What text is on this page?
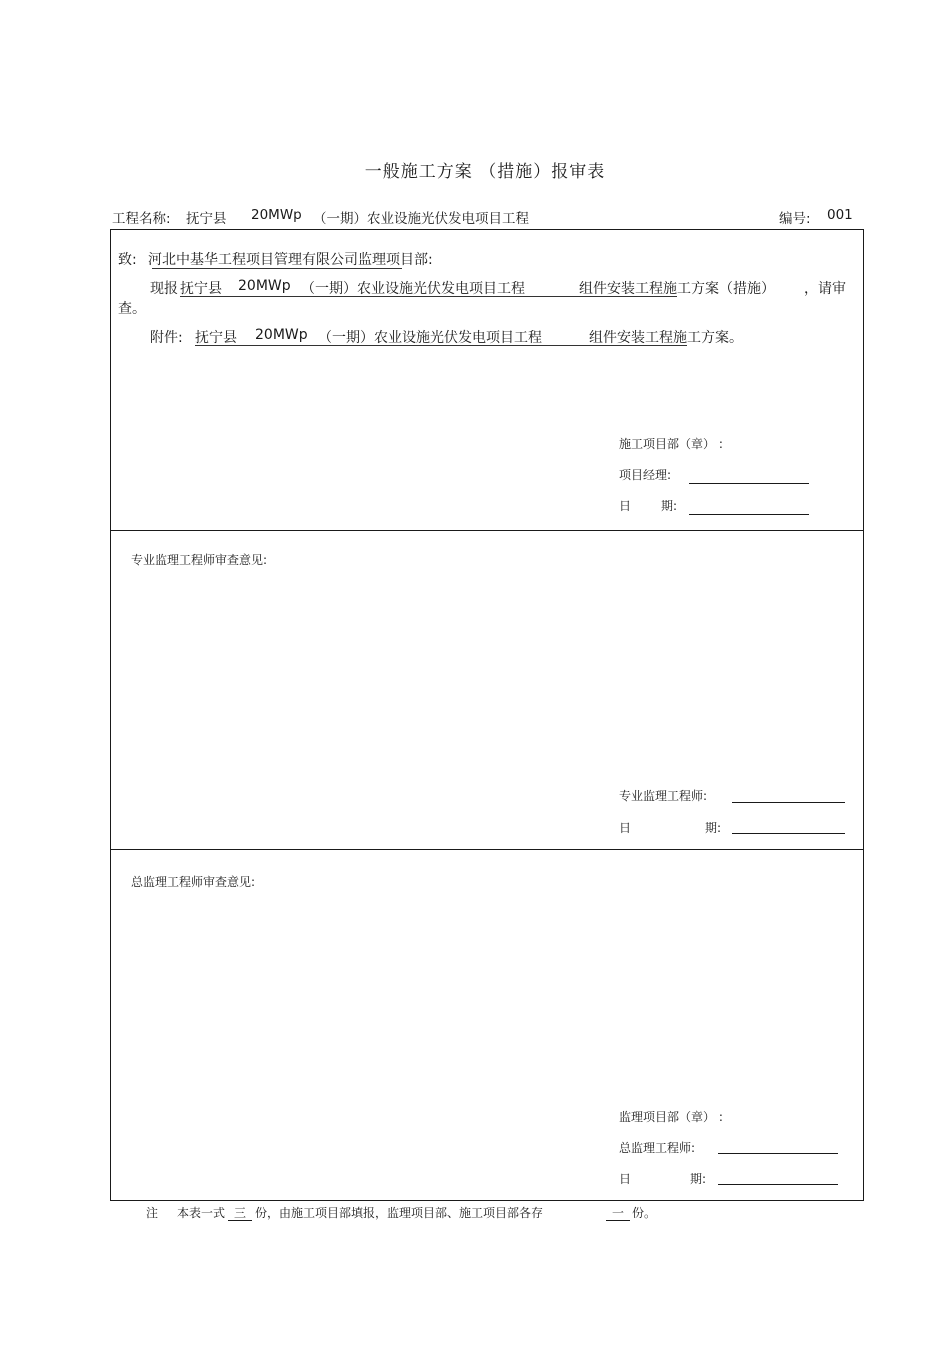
一般施工方案 （措施）报审表
工程名称: 抚宁县 20MWp （一期）农业设施光伏发电项目工程	编号: 001
致: 河北中基华工程项目管理有限公司监理项目部:
现报 抚宁县 20MWp （一期）农业设施光伏发电项目工程	组件安装工程施工方案（措施） ，请审
查。
附件: 抚宁县 20MWp （一期）农业设施光伏发电项目工程	组件安装工程施工方案。
施工项目部（章） :
项目经理:
日 期:
专业监理工程师审查意见:
专业监理工程师:
日	期:
总监理工程师审查意见:
监理项目部（章） :
总监理工程师:
日	期:
注 本表一式 三 份，由施工项目部填报，监理项目部、施工项目部各存	一 份。
